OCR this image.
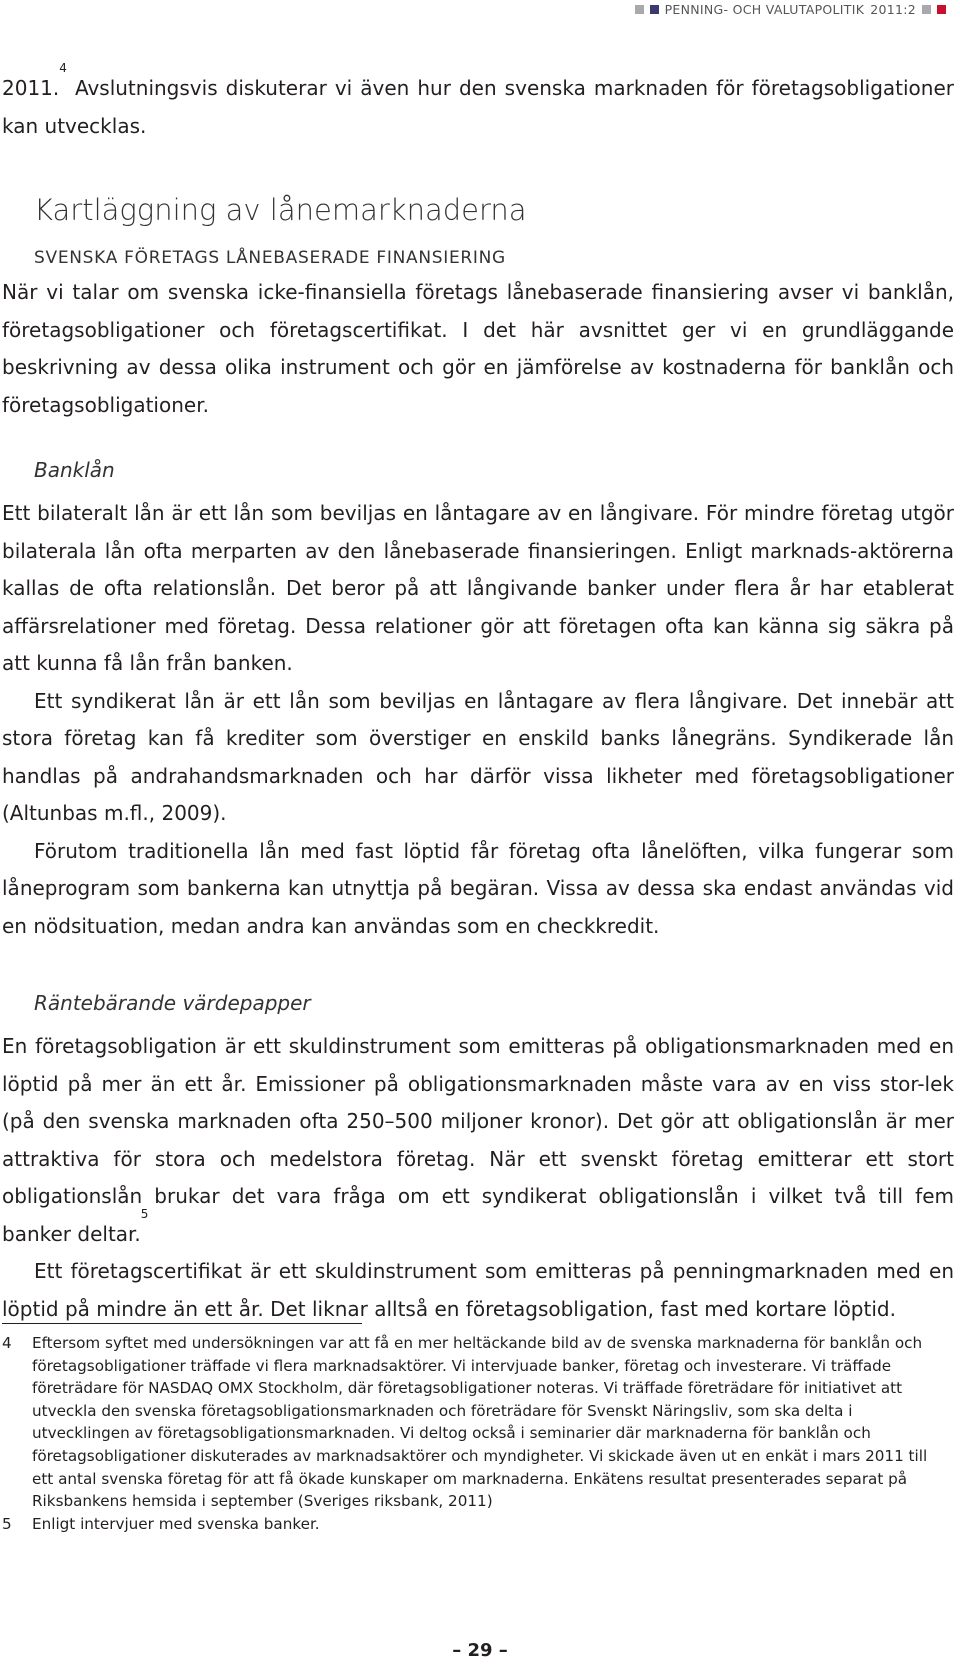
PENNING- OCH VALUTAPOLITIK 2011:2

2011.$^4$ Avslutningsvis diskuterar vi även hur den svenska marknaden för företagsobligationer kan utvecklas.

Kartläggning av lånemarknaderna

SVENSKA FÖRETAGS LÅNEBASERADE FINANSIERING

När vi talar om svenska icke-finansiella företags lånebaserade finansiering avser vi banklån, företagsobligationer och företagscertifikat. I det här avsnittet ger vi en grundläggande beskrivning av dessa olika instrument och gör en jämförelse av kostnaderna för banklån och företagsobligationer.

Banklån

Ett bilateralt lån är ett lån som beviljas en låntagare av en långivare. För mindre företag utgör bilaterala lån ofta merparten av den lånebaserade finansieringen. Enligt marknads-aktörerna kallas de ofta relationslån. Det beror på att långivande banker under flera år har etablerat affärsrelationer med företag. Dessa relationer gör att företagen ofta kan känna sig säkra på att kunna få lån från banken.

Ett syndikerat lån är ett lån som beviljas en låntagare av flera långivare. Det innebär att stora företag kan få krediter som överstiger en enskild banks lånegräns. Syndikerade lån handlas på andrahandsmarknaden och har därför vissa likheter med företagsobligationer (Altunbas m.fl., 2009).

Förutom traditionella lån med fast löptid får företag ofta lånelöften, vilka fungerar som låneprogram som bankerna kan utnyttja på begäran. Vissa av dessa ska endast användas vid en nödsituation, medan andra kan användas som en checkkredit.

Räntebärande värdepapper

En företagsobligation är ett skuldinstrument som emitteras på obligationsmarknaden med en löptid på mer än ett år. Emissioner på obligationsmarknaden måste vara av en viss stor-lek (på den svenska marknaden ofta 250–500 miljoner kronor). Det gör att obligationslån är mer attraktiva för stora och medelstora företag. När ett svenskt företag emitterar ett stort obligationslån brukar det vara fråga om ett syndikerat obligationslån i vilket två till fem banker deltar.$^5$

Ett företagscertifikat är ett skuldinstrument som emitteras på penningmarknaden med en löptid på mindre än ett år. Det liknar alltså en företagsobligation, fast med kortare löptid.

4	Eftersom syftet med undersökningen var att få en mer heltäckande bild av de svenska marknaderna för banklån och företagsobligationer träffade vi flera marknadsaktörer. Vi intervjuade banker, företag och investerare. Vi träffade företrädare för NASDAQ OMX Stockholm, där företagsobligationer noteras. Vi träffade företrädare för initiativet att utveckla den svenska företagsobligationsmarknaden och företrädare för Svenskt Näringsliv, som ska delta i utvecklingen av företagsobligationsmarknaden. Vi deltog också i seminarier där marknaderna för banklån och företagsobligationer diskuterades av marknadsaktörer och myndigheter. Vi skickade även ut en enkät i mars 2011 till ett antal svenska företag för att få ökade kunskaper om marknaderna. Enkätens resultat presenterades separat på Riksbankens hemsida i september (Sveriges riksbank, 2011)
5	Enligt intervjuer med svenska banker.
– 29 –
